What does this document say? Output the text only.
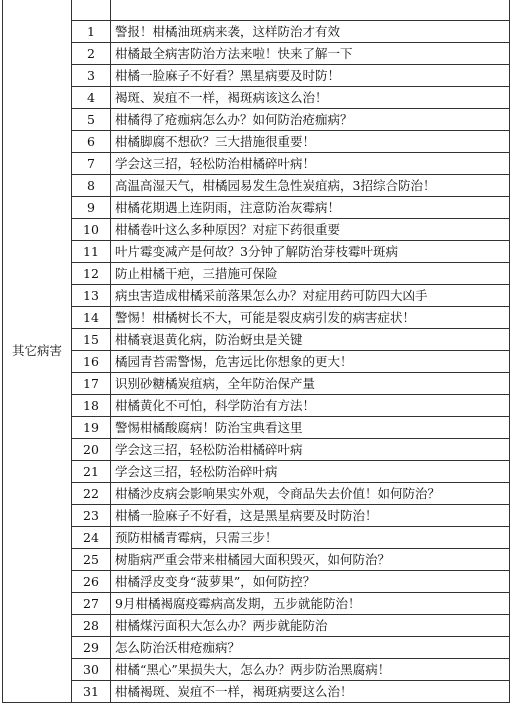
其它病害		
	1	警报！柑橘油斑病来袭，这样防治才有效
	2	柑橘最全病害防治方法来啦！快来了解一下
	3	柑橘一脸麻子不好看？黑星病要及时防！
	4	褐斑、炭疽不一样，褐斑病该这么治！
	5	柑橘得了疮痂病怎么办？如何防治疮痂病？
	6	柑橘脚腐不想砍？三大措施很重要！
	7	学会这三招，轻松防治柑橘碎叶病！
	8	高温高湿天气，柑橘园易发生急性炭疽病，3招综合防治！
	9	柑橘花期遇上连阴雨，注意防治灰霉病！
	10	柑橘卷叶这么多种原因？对症下药很重要
	11	叶片霉变减产是何故？3分钟了解防治芽枝霉叶斑病
	12	防止柑橘干疤，三措施可保险
	13	病虫害造成柑橘采前落果怎么办？对症用药可防四大凶手
	14	警惕！柑橘树长不大，可能是裂皮病引发的病害症状！
	15	柑橘衰退黄化病，防治蚜虫是关键
	16	橘园青苔需警惕，危害远比你想象的更大！
	17	识别砂糖橘炭疽病，全年防治保产量
	18	柑橘黄化不可怕，科学防治有方法！
	19	警惕柑橘酸腐病！防治宝典看这里
	20	学会这三招，轻松防治柑橘碎叶病
	21	学会这三招，轻松防治碎叶病
	22	柑橘沙皮病会影响果实外观，令商品失去价值！如何防治？
	23	柑橘一脸麻子不好看，这是黑星病要及时防治！
	24	预防柑橘青霉病，只需三步！
	25	树脂病严重会带来柑橘园大面积毁灭，如何防治？
	26	柑橘浮皮变身“菠萝果”，如何防控？
	27	9月柑橘褐腐疫霉病高发期，五步就能防治！
	28	柑橘煤污面积大怎么办？两步就能防治
	29	怎么防治沃柑疮痂病？
	30	柑橘“黑心”果损失大，怎么办？两步防治黑腐病！
	31	柑橘褐斑、炭疽不一样，褐斑病要这么治！
